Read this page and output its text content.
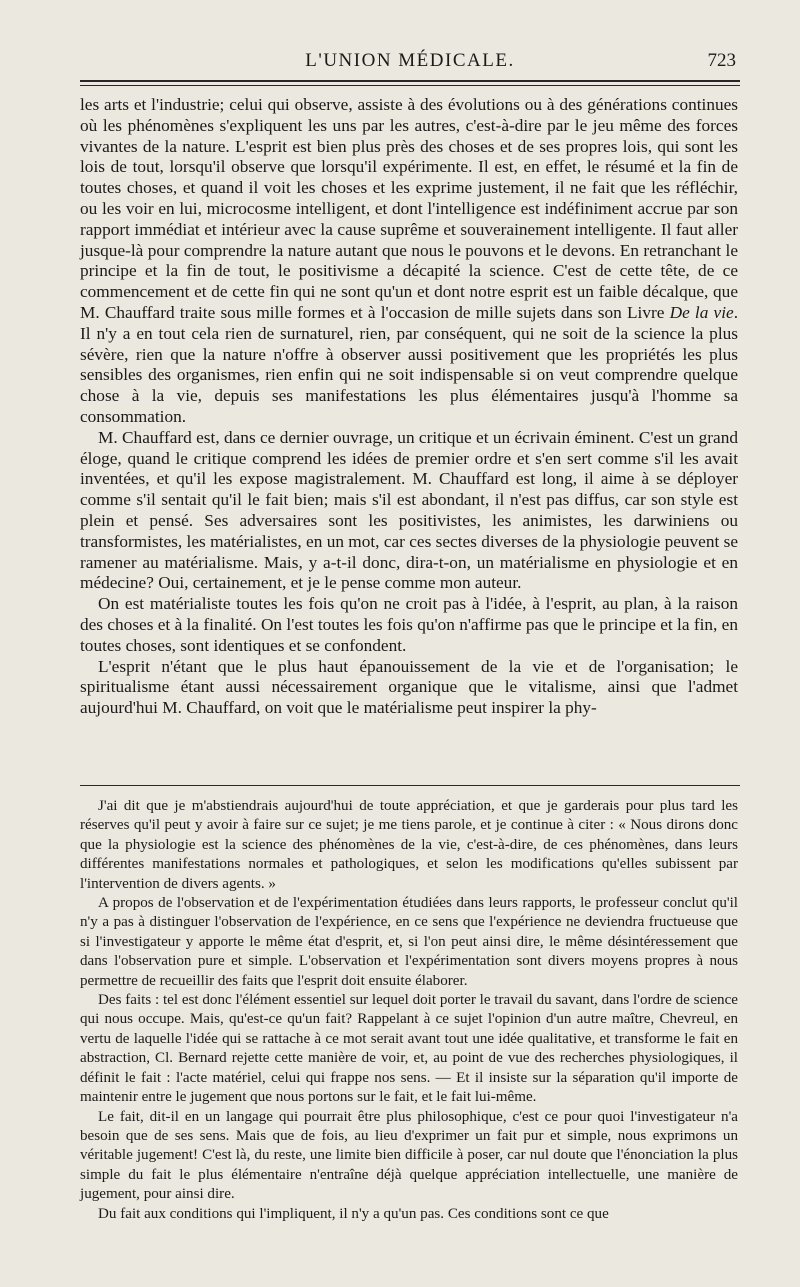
L'UNION MÉDICALE.	723

les arts et l'industrie; celui qui observe, assiste à des évolutions ou à des générations continues où les phénomènes s'expliquent les uns par les autres, c'est-à-dire par le jeu même des forces vivantes de la nature. L'esprit est bien plus près des choses et de ses propres lois, qui sont les lois de tout, lorsqu'il observe que lorsqu'il expérimente. Il est, en effet, le résumé et la fin de toutes choses, et quand il voit les choses et les exprime justement, il ne fait que les réfléchir, ou les voir en lui, microcosme intelligent, et dont l'intelligence est indéfiniment accrue par son rapport immédiat et intérieur avec la cause suprême et souverainement intelligente. Il faut aller jusque-là pour comprendre la nature autant que nous le pouvons et le devons. En retranchant le principe et la fin de tout, le positivisme a décapité la science. C'est de cette tête, de ce commencement et de cette fin qui ne sont qu'un et dont notre esprit est un faible décalque, que M. Chauffard traite sous mille formes et à l'occasion de mille sujets dans son Livre De la vie. Il n'y a en tout cela rien de surnaturel, rien, par conséquent, qui ne soit de la science la plus sévère, rien que la nature n'offre à observer aussi positivement que les propriétés les plus sensibles des organismes, rien enfin qui ne soit indispensable si on veut comprendre quelque chose à la vie, depuis ses manifestations les plus élémentaires jusqu'à l'homme sa consommation.

M. Chauffard est, dans ce dernier ouvrage, un critique et un écrivain éminent. C'est un grand éloge, quand le critique comprend les idées de premier ordre et s'en sert comme s'il les avait inventées, et qu'il les expose magistralement. M. Chauffard est long, il aime à se déployer comme s'il sentait qu'il le fait bien; mais s'il est abondant, il n'est pas diffus, car son style est plein et pensé. Ses adversaires sont les positivistes, les animistes, les darwiniens ou transformistes, les matérialistes, en un mot, car ces sectes diverses de la physiologie peuvent se ramener au matérialisme. Mais, y a-t-il donc, dira-t-on, un matérialisme en physiologie et en médecine? Oui, certainement, et je le pense comme mon auteur.

On est matérialiste toutes les fois qu'on ne croit pas à l'idée, à l'esprit, au plan, à la raison des choses et à la finalité. On l'est toutes les fois qu'on n'affirme pas que le principe et la fin, en toutes choses, sont identiques et se confondent.

L'esprit n'étant que le plus haut épanouissement de la vie et de l'organisation; le spiritualisme étant aussi nécessairement organique que le vitalisme, ainsi que l'admet aujourd'hui M. Chauffard, on voit que le matérialisme peut inspirer la phy-

J'ai dit que je m'abstiendrais aujourd'hui de toute appréciation, et que je garderais pour plus tard les réserves qu'il peut y avoir à faire sur ce sujet; je me tiens parole, et je continue à citer : « Nous dirons donc que la physiologie est la science des phénomènes de la vie, c'est-à-dire, de ces phénomènes, dans leurs différentes manifestations normales et pathologiques, et selon les modifications qu'elles subissent par l'intervention de divers agents. »

A propos de l'observation et de l'expérimentation étudiées dans leurs rapports, le professeur conclut qu'il n'y a pas à distinguer l'observation de l'expérience, en ce sens que l'expérience ne deviendra fructueuse que si l'investigateur y apporte le même état d'esprit, et, si l'on peut ainsi dire, le même désintéressement que dans l'observation pure et simple. L'observation et l'expérimentation sont divers moyens propres à nous permettre de recueillir des faits que l'esprit doit ensuite élaborer.

Des faits : tel est donc l'élément essentiel sur lequel doit porter le travail du savant, dans l'ordre de science qui nous occupe. Mais, qu'est-ce qu'un fait? Rappelant à ce sujet l'opinion d'un autre maître, Chevreul, en vertu de laquelle l'idée qui se rattache à ce mot serait avant tout une idée qualitative, et transforme le fait en abstraction, Cl. Bernard rejette cette manière de voir, et, au point de vue des recherches physiologiques, il définit le fait : l'acte matériel, celui qui frappe nos sens. — Et il insiste sur la séparation qu'il importe de maintenir entre le jugement que nous portons sur le fait, et le fait lui-même.

Le fait, dit-il en un langage qui pourrait être plus philosophique, c'est ce pour quoi l'investigateur n'a besoin que de ses sens. Mais que de fois, au lieu d'exprimer un fait pur et simple, nous exprimons un véritable jugement! C'est là, du reste, une limite bien difficile à poser, car nul doute que l'énonciation la plus simple du fait le plus élémentaire n'entraîne déjà quelque appréciation intellectuelle, une manière de jugement, pour ainsi dire.

Du fait aux conditions qui l'impliquent, il n'y a qu'un pas. Ces conditions sont ce que
